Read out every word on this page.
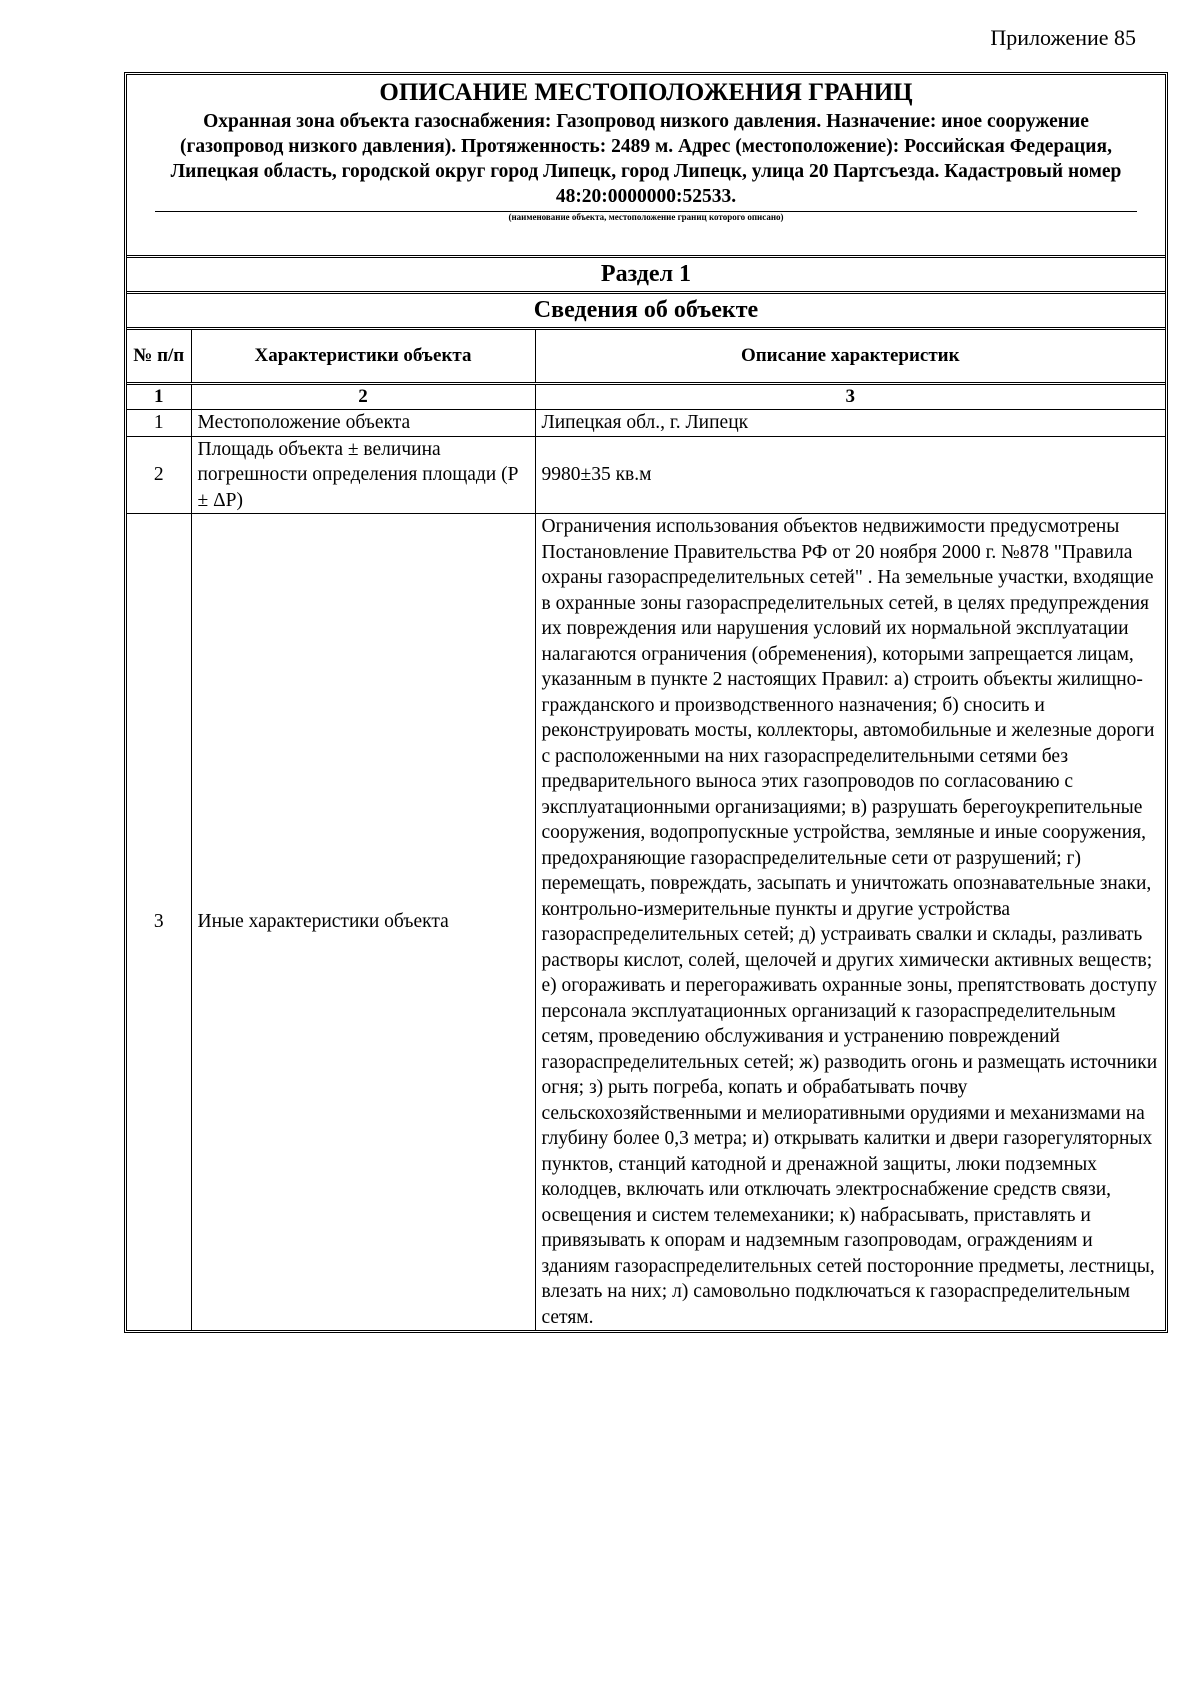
Приложение 85
ОПИСАНИЕ МЕСТОПОЛОЖЕНИЯ ГРАНИЦ
Охранная зона объекта газоснабжения: Газопровод низкого давления. Назначение: иное сооружение (газопровод низкого давления). Протяженность: 2489 м. Адрес (местоположение): Российская Федерация, Липецкая область, городской округ город Липецк, город Липецк, улица 20 Партсъезда. Кадастровый номер 48:20:0000000:52533.
(наименование объекта, местоположение границ которого описано)
Раздел 1
Сведения об объекте
№ п/п	Характеристики объекта	Описание характеристик
1	2	3
1	Местоположение объекта	Липецкая обл., г. Липецк
2	Площадь объекта ± величина погрешности определения площади (P ± ΔP)	9980±35 кв.м
3	Иные характеристики объекта	Ограничения использования объектов недвижимости предусмотрены Постановление Правительства РФ от 20 ноября 2000 г. №878 "Правила охраны газораспределительных сетей" . На земельные участки, входящие в охранные зоны газораспределительных сетей, в целях предупреждения их повреждения или нарушения условий их нормальной эксплуатации налагаются ограничения (обременения), которыми запрещается лицам, указанным в пункте 2 настоящих Правил: а) строить объекты жилищно-гражданского и производственного назначения; б) сносить и реконструировать мосты, коллекторы, автомобильные и железные дороги с расположенными на них газораспределительными сетями без предварительного выноса этих газопроводов по согласованию с эксплуатационными организациями; в) разрушать берегоукрепительные сооружения, водопропускные устройства, земляные и иные сооружения, предохраняющие газораспределительные сети от разрушений; г) перемещать, повреждать, засыпать и уничтожать опознавательные знаки, контрольно-измерительные пункты и другие устройства газораспределительных сетей; д) устраивать свалки и склады, разливать растворы кислот, солей, щелочей и других химически активных веществ; е) огораживать и перегораживать охранные зоны, препятствовать доступу персонала эксплуатационных организаций к газораспределительным сетям, проведению обслуживания и устранению повреждений газораспределительных сетей; ж) разводить огонь и размещать источники огня; з) рыть погреба, копать и обрабатывать почву сельскохозяйственными и мелиоративными орудиями и механизмами на глубину более 0,3 метра; и) открывать калитки и двери газорегуляторных пунктов, станций катодной и дренажной защиты, люки подземных колодцев, включать или отключать электроснабжение средств связи, освещения и систем телемеханики; к) набрасывать, приставлять и привязывать к опорам и надземным газопроводам, ограждениям и зданиям газораспределительных сетей посторонние предметы, лестницы, влезать на них; л) самовольно подключаться к газораспределительным сетям.
